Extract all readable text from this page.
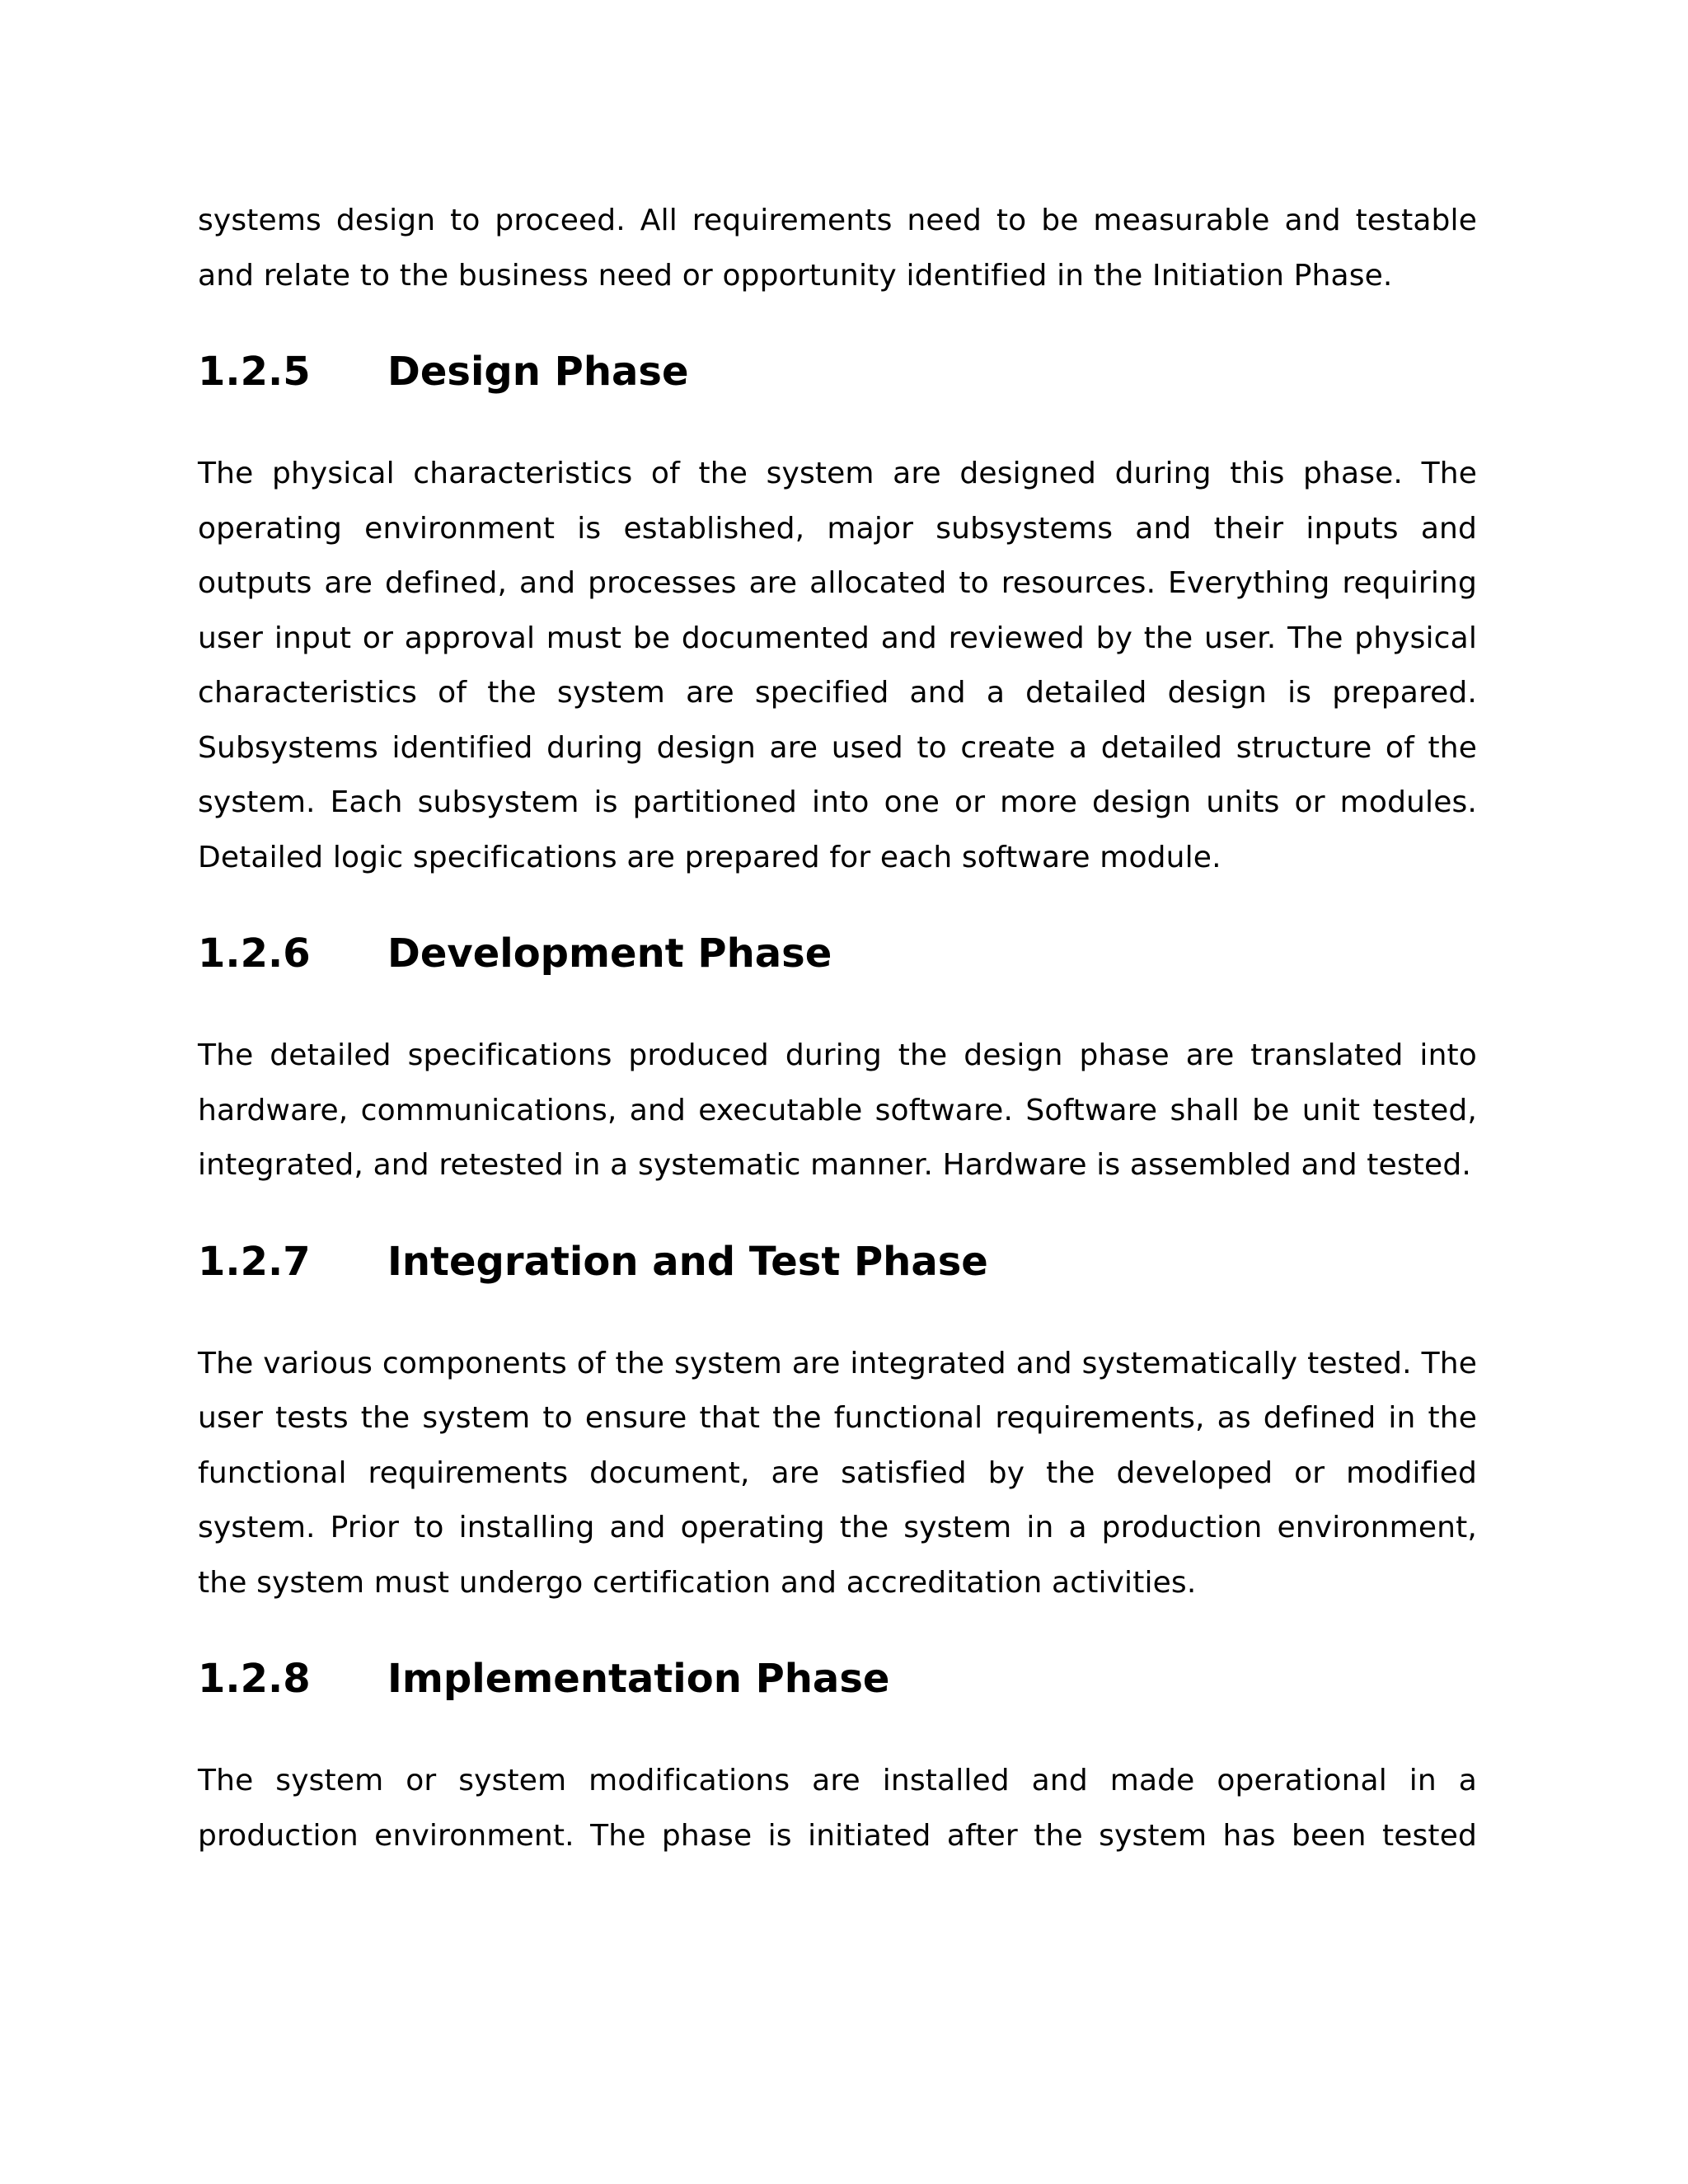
systems design to proceed. All requirements need to be measurable and testable and relate to the business need or opportunity identified in the Initiation Phase.

1.2.5	Design Phase

The physical characteristics of the system are designed during this phase. The operating environment is established, major subsystems and their inputs and outputs are defined, and processes are allocated to resources. Everything requiring user input or approval must be documented and reviewed by the user. The physical characteristics of the system are specified and a detailed design is prepared. Subsystems identified during design are used to create a detailed structure of the system. Each subsystem is partitioned into one or more design units or modules. Detailed logic specifications are prepared for each software module.

1.2.6	Development Phase

The detailed specifications produced during the design phase are translated into hardware, communications, and executable software. Software shall be unit tested, integrated, and retested in a systematic manner. Hardware is assembled and tested.

1.2.7	Integration and Test Phase

The various components of the system are integrated and systematically tested. The user tests the system to ensure that the functional requirements, as defined in the functional requirements document, are satisfied by the developed or modified system. Prior to installing and operating the system in a production environment, the system must undergo certification and accreditation activities.

1.2.8	Implementation Phase

The system or system modifications are installed and made operational in a production environment. The phase is initiated after the system has been tested
